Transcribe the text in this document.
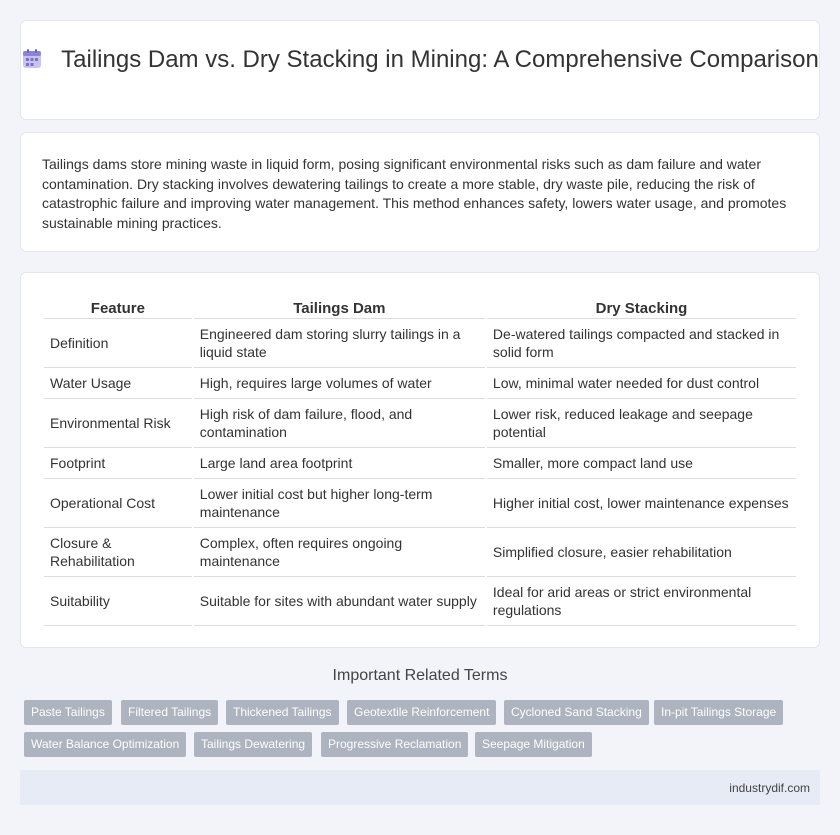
Tailings Dam vs. Dry Stacking in Mining: A Comprehensive Comparison

Tailings dams store mining waste in liquid form, posing significant environmental risks such as dam failure and water contamination. Dry stacking involves dewatering tailings to create a more stable, dry waste pile, reducing the risk of catastrophic failure and improving water management. This method enhances safety, lowers water usage, and promotes sustainable mining practices.

Feature	Tailings Dam	Dry Stacking
Definition	Engineered dam storing slurry tailings in a liquid state	De-watered tailings compacted and stacked in solid form
Water Usage	High, requires large volumes of water	Low, minimal water needed for dust control
Environmental Risk	High risk of dam failure, flood, and contamination	Lower risk, reduced leakage and seepage potential
Footprint	Large land area footprint	Smaller, more compact land use
Operational Cost	Lower initial cost but higher long-term maintenance	Higher initial cost, lower maintenance expenses
Closure & Rehabilitation	Complex, often requires ongoing maintenance	Simplified closure, easier rehabilitation
Suitability	Suitable for sites with abundant water supply	Ideal for arid areas or strict environmental regulations
Important Related Terms
Paste Tailings	Filtered Tailings	Thickened Tailings	Geotextile Reinforcement	Cycloned Sand Stacking	In-pit Tailings Storage
Water Balance Optimization	Tailings Dewatering	Progressive Reclamation	Seepage Mitigation
industrydif.com
